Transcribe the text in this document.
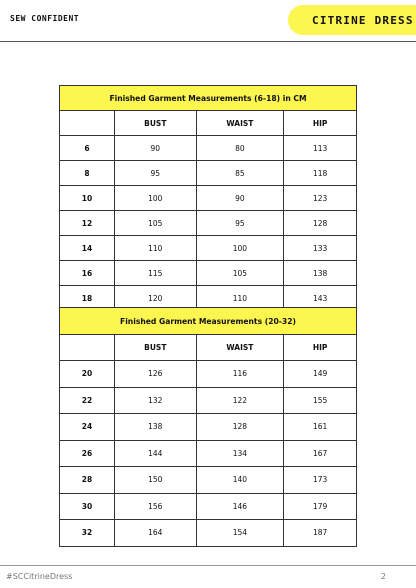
SEW CONFIDENT	CITRINE DRESS
Finished Garment Measurements (6-18) in CM			
	BUST	WAIST	HIP
6	90	80	113
8	95	85	118
10	100	90	123
12	105	95	128
14	110	100	133
16	115	105	138
18	120	110	143
Finished Garment Measurements (20-32)			
	BUST	WAIST	HIP
20	126	116	149
22	132	122	155
24	138	128	161
26	144	134	167
28	150	140	173
30	156	146	179
32	164	154	187
#SCCitrineDress	2
